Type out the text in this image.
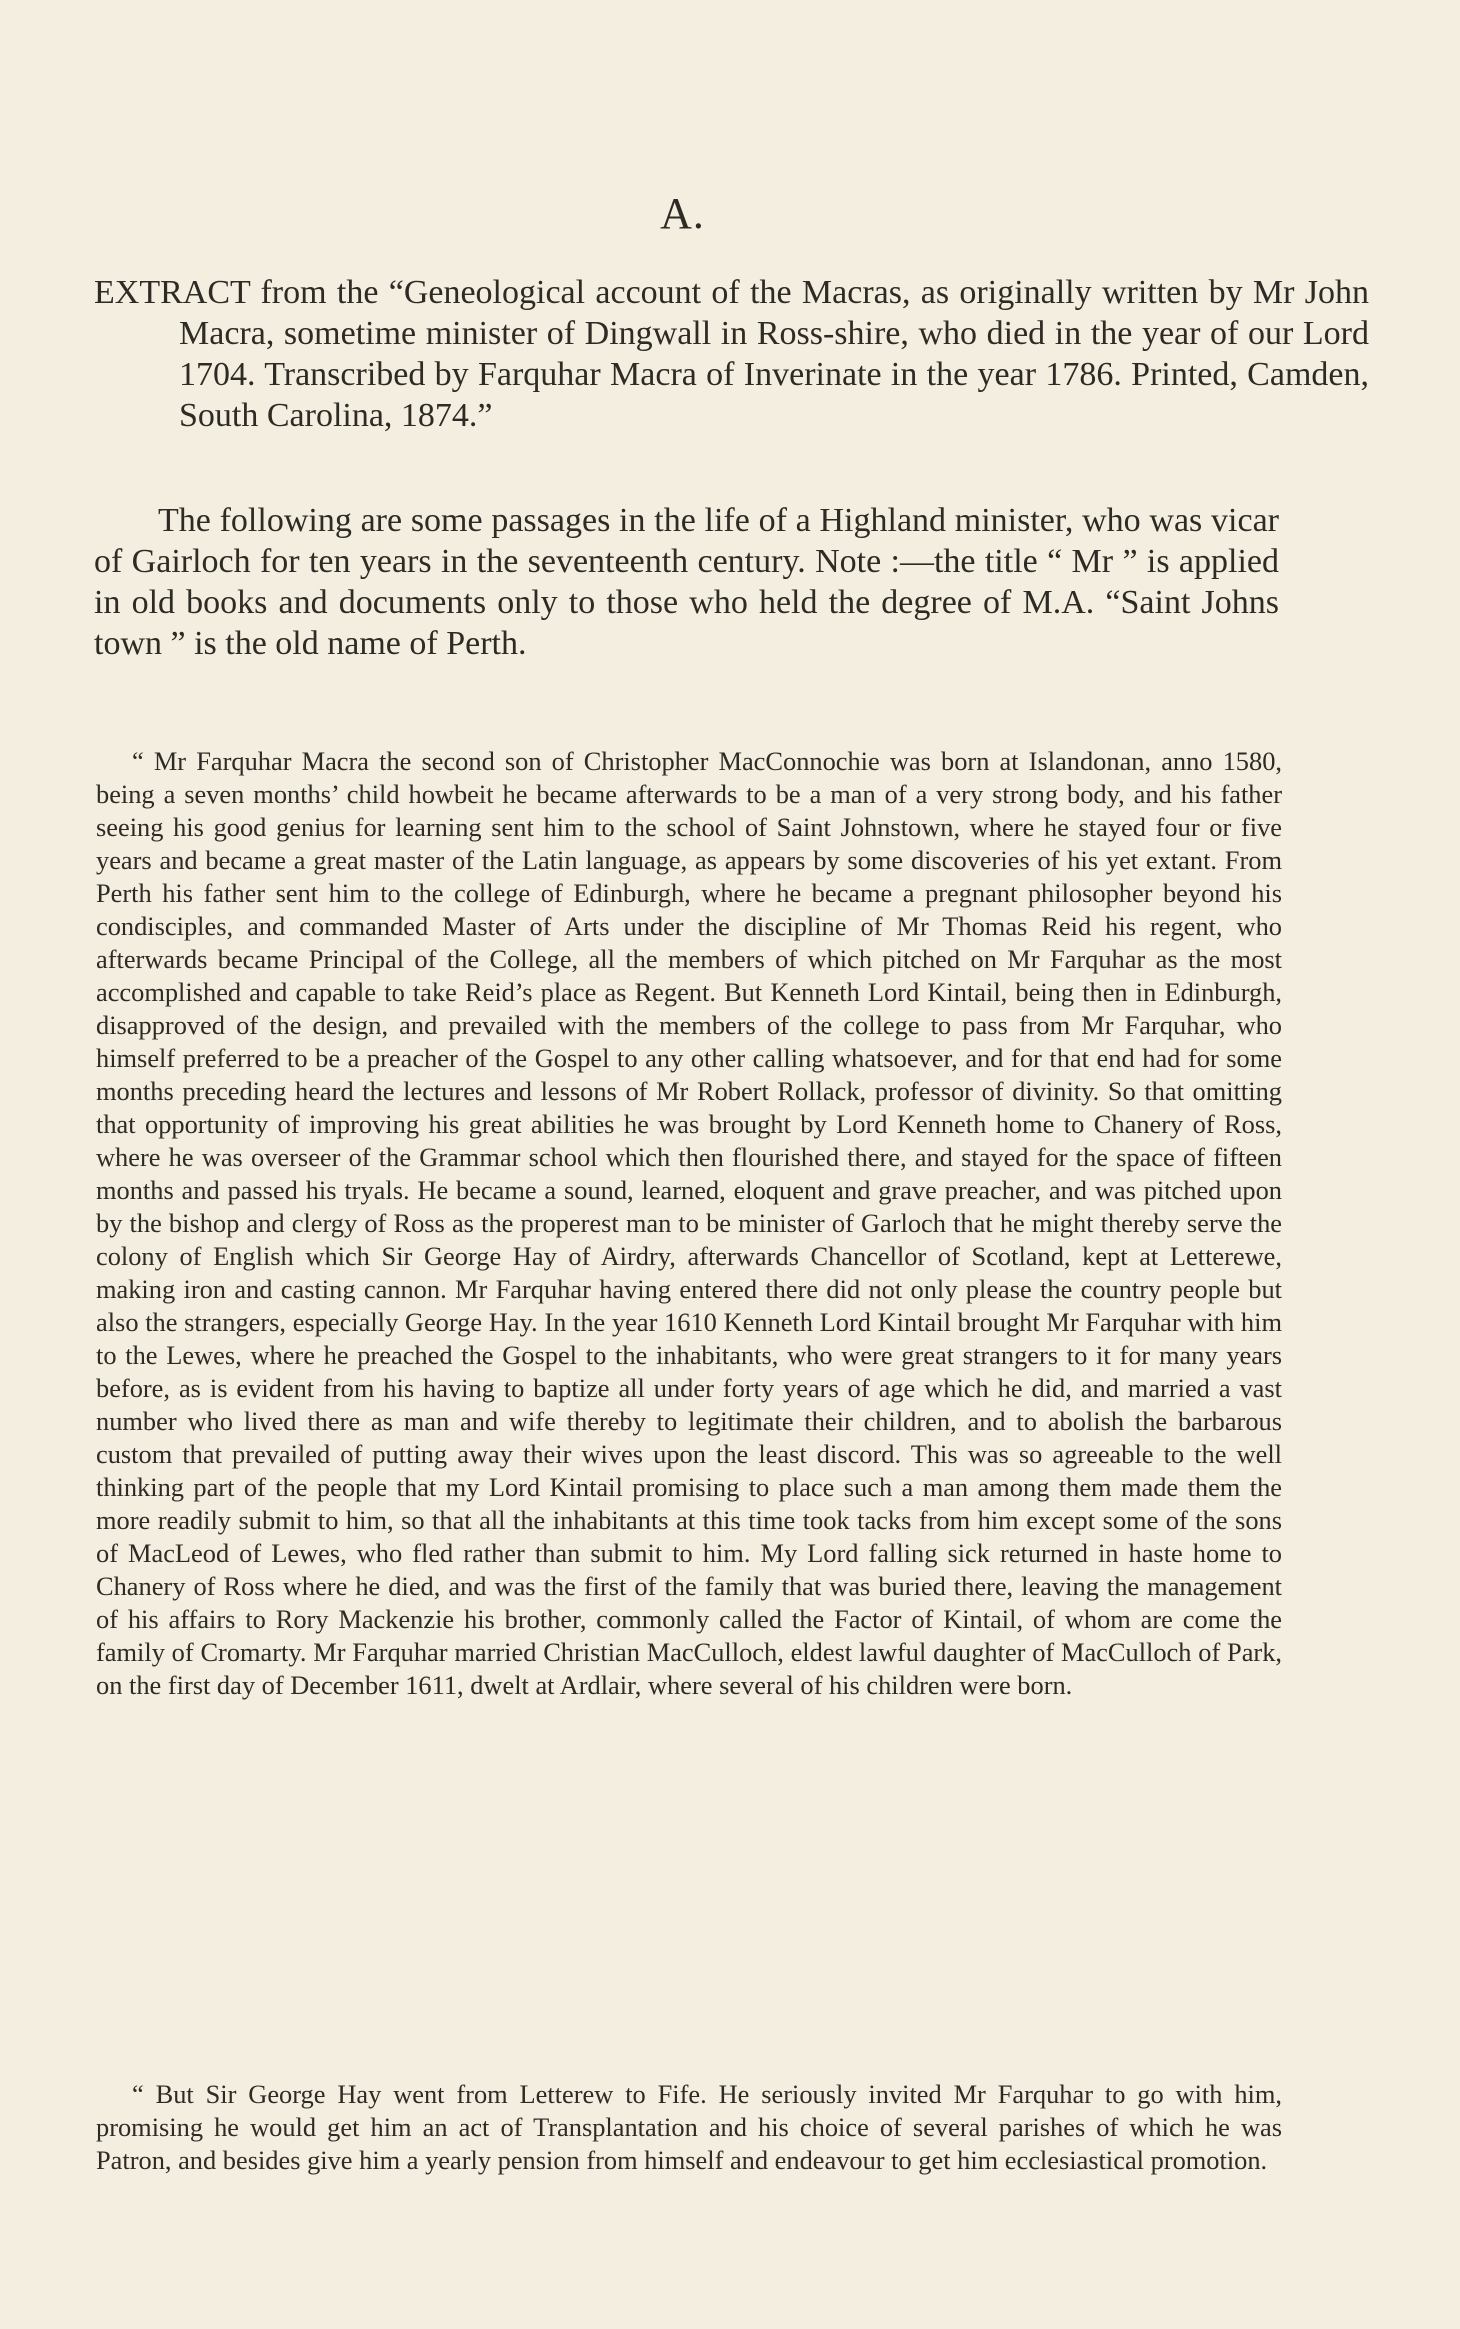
A.

EXTRACT from the “Geneological account of the Macras, as originally written by Mr John Macra, sometime minister of Dingwall in Ross-shire, who died in the year of our Lord 1704. Transcribed by Farquhar Macra of Inverinate in the year 1786. Printed, Camden, South Carolina, 1874.”

The following are some passages in the life of a Highland minister, who was vicar of Gairloch for ten years in the seventeenth century. Note :—the title “ Mr ” is applied in old books and documents only to those who held the degree of M.A. “Saint Johns town ” is the old name of Perth.

“ Mr Farquhar Macra the second son of Christopher MacConnochie was born at Islandonan, anno 1580, being a seven months’ child howbeit he became afterwards to be a man of a very strong body, and his father seeing his good genius for learning sent him to the school of Saint Johnstown, where he stayed four or five years and became a great master of the Latin language, as appears by some discoveries of his yet extant. From Perth his father sent him to the college of Edinburgh, where he became a pregnant philosopher beyond his condisciples, and commanded Master of Arts under the discipline of Mr Thomas Reid his regent, who afterwards became Principal of the College, all the members of which pitched on Mr Farquhar as the most accomplished and capable to take Reid’s place as Regent. But Kenneth Lord Kintail, being then in Edinburgh, disapproved of the design, and prevailed with the members of the college to pass from Mr Farquhar, who himself preferred to be a preacher of the Gospel to any other calling whatsoever, and for that end had for some months preceding heard the lectures and lessons of Mr Robert Rollack, professor of divinity. So that omitting that opportunity of improving his great abilities he was brought by Lord Kenneth home to Chanery of Ross, where he was overseer of the Grammar school which then flourished there, and stayed for the space of fifteen months and passed his tryals. He became a sound, learned, eloquent and grave preacher, and was pitched upon by the bishop and clergy of Ross as the properest man to be minister of Garloch that he might thereby serve the colony of English which Sir George Hay of Airdry, afterwards Chancellor of Scotland, kept at Letterewe, making iron and casting cannon. Mr Farquhar having entered there did not only please the country people but also the strangers, especially George Hay. In the year 1610 Kenneth Lord Kintail brought Mr Farquhar with him to the Lewes, where he preached the Gospel to the inhabitants, who were great strangers to it for many years before, as is evident from his having to baptize all under forty years of age which he did, and married a vast number who lived there as man and wife thereby to legitimate their children, and to abolish the barbarous custom that prevailed of putting away their wives upon the least discord. This was so agreeable to the well thinking part of the people that my Lord Kintail promising to place such a man among them made them the more readily submit to him, so that all the inhabitants at this time took tacks from him except some of the sons of MacLeod of Lewes, who fled rather than submit to him. My Lord falling sick returned in haste home to Chanery of Ross where he died, and was the first of the family that was buried there, leaving the management of his affairs to Rory Mackenzie his brother, commonly called the Factor of Kintail, of whom are come the family of Cromarty. Mr Farquhar married Christian MacCulloch, eldest lawful daughter of MacCulloch of Park, on the first day of December 1611, dwelt at Ardlair, where several of his children were born.

“ But Sir George Hay went from Letterew to Fife. He seriously invited Mr Farquhar to go with him, promising he would get him an act of Transplantation and his choice of several parishes of which he was Patron, and besides give him a yearly pension from himself and endeavour to get him ecclesiastical promotion.
